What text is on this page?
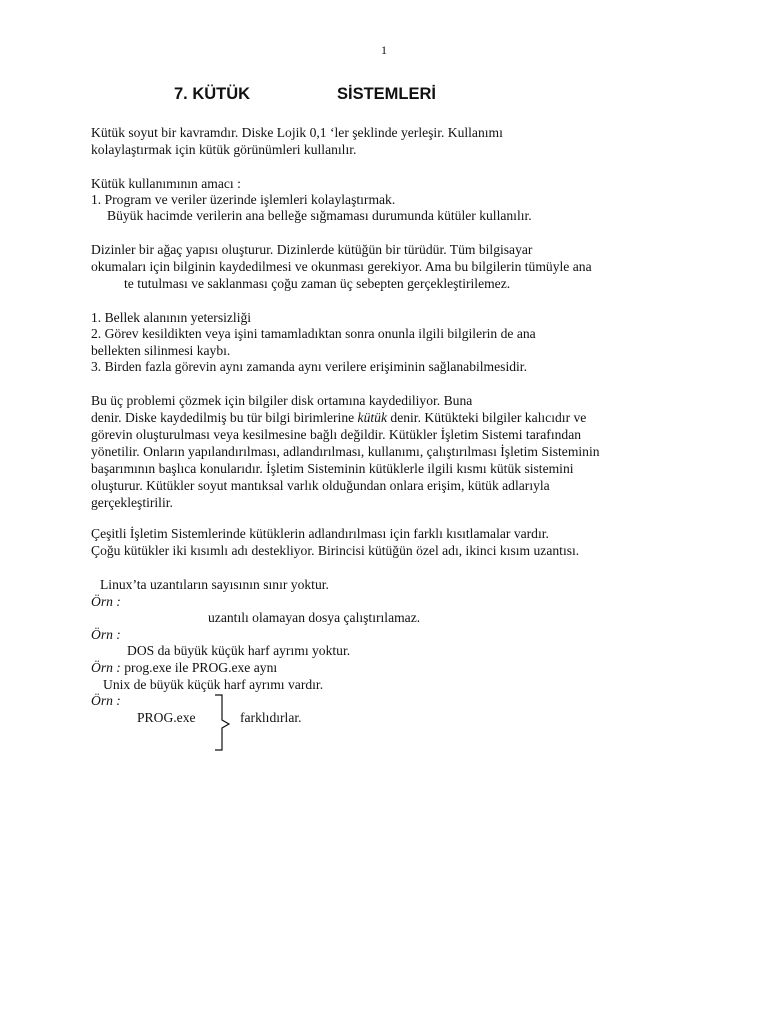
1
7. KÜTÜK	SİSTEMLERİ
Kütük soyut bir kavramdır. Diske Lojik 0,1 ‘ler şeklinde yerleşir. Kullanımı
kolaylaştırmak için kütük görünümleri kullanılır.
Kütük kullanımının amacı :
1. Program ve veriler üzerinde işlemleri kolaylaştırmak.
Büyük hacimde verilerin ana belleğe sığmaması durumunda kütüler kullanılır.
Dizinler bir ağaç yapısı oluşturur. Dizinlerde kütüğün bir türüdür. Tüm bilgisayar
okumaları için bilginin kaydedilmesi ve okunması gerekiyor. Ama bu bilgilerin tümüyle ana
te tutulması ve saklanması çoğu zaman üç sebepten gerçekleştirilemez.
1. Bellek alanının yetersizliği
2. Görev kesildikten veya işini tamamladıktan sonra onunla ilgili bilgilerin de ana
bellekten silinmesi kaybı.
3. Birden fazla görevin aynı zamanda aynı verilere erişiminin sağlanabilmesidir.
Bu üç problemi çözmek için bilgiler disk ortamına kaydediliyor. Buna
denir. Diske kaydedilmiş bu tür bilgi birimlerine kütük denir. Kütükteki bilgiler kalıcıdır ve
görevin oluşturulması veya kesilmesine bağlı değildir. Kütükler İşletim Sistemi tarafından
yönetilir. Onların yapılandırılması, adlandırılması, kullanımı, çalıştırılması İşletim Sisteminin
başarımının başlıca konularıdır. İşletim Sisteminin kütüklerle ilgili kısmı kütük sistemini
oluşturur. Kütükler soyut mantıksal varlık olduğundan onlara erişim, kütük adlarıyla
gerçekleştirilir.
Çeşitli İşletim Sistemlerinde kütüklerin adlandırılması için farklı kısıtlamalar vardır.
Çoğu kütükler iki kısımlı adı destekliyor. Birincisi kütüğün özel adı, ikinci kısım uzantısı.
Linux’ta uzantıların sayısının sınır yoktur.
Örn :
uzantılı olamayan dosya çalıştırılamaz.
Örn :
DOS da büyük küçük harf ayrımı yoktur.
Örn : prog.exe ile PROG.exe aynı
Unix de büyük küçük harf ayrımı vardır.
Örn :
PROG.exe	farklıdırlar.
